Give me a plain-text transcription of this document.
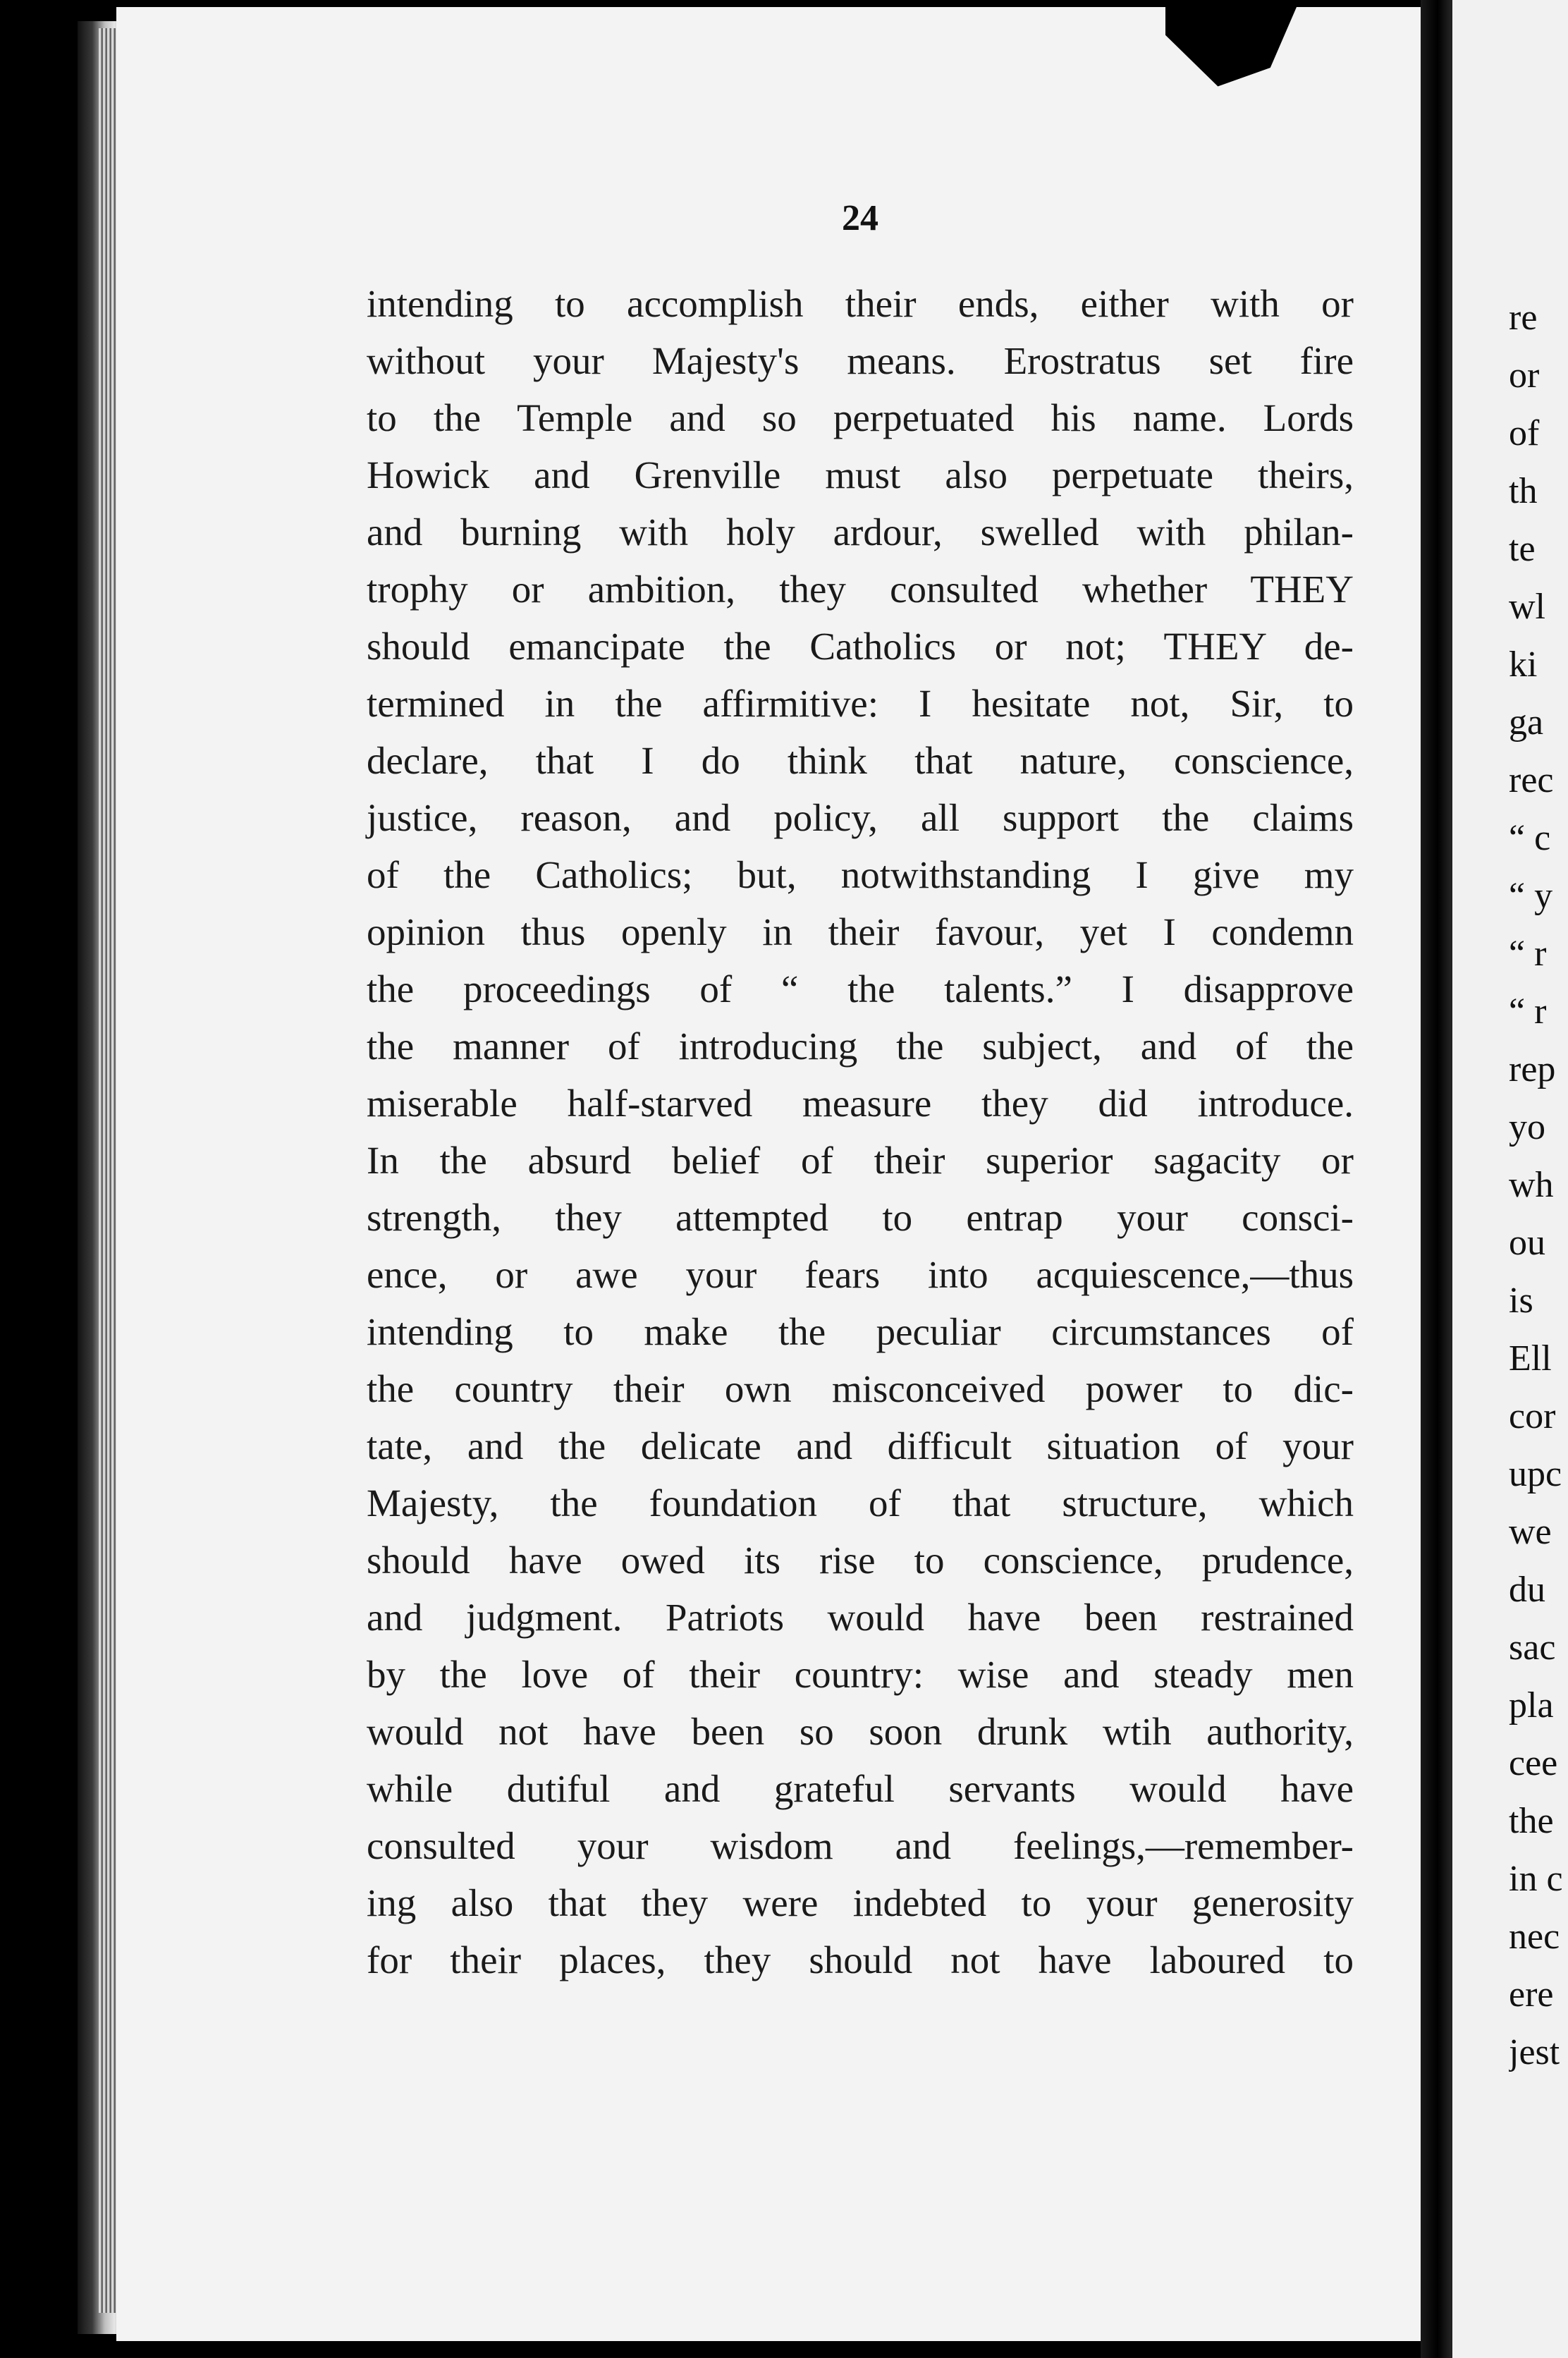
24
intending to accomplish their ends, either with or
without your Majesty's means. Erostratus set fire
to the Temple and so perpetuated his name. Lords
Howick and Grenville must also perpetuate theirs,
and burning with holy ardour, swelled with philan-
trophy or ambition, they consulted whether THEY
should emancipate the Catholics or not; THEY de-
termined in the affirmitive: I hesitate not, Sir, to
declare, that I do think that nature, conscience,
justice, reason, and policy, all support the claims
of the Catholics; but, notwithstanding I give my
opinion thus openly in their favour, yet I condemn
the proceedings of “ the talents.” I disapprove
the manner of introducing the subject, and of the
miserable half-starved measure they did introduce.
In the absurd belief of their superior sagacity or
strength, they attempted to entrap your consci-
ence, or awe your fears into acquiescence,—thus
intending to make the peculiar circumstances of
the country their own misconceived power to dic-
tate, and the delicate and difficult situation of your
Majesty, the foundation of that structure, which
should have owed its rise to conscience, prudence,
and judgment. Patriots would have been restrained
by the love of their country: wise and steady men
would not have been so soon drunk wtih authority,
while dutiful and grateful servants would have
consulted your wisdom and feelings,—remember-
ing also that they were indebted to your generosity
for their places, they should not have laboured to
re
or
of
th
te
wl
ki
ga
rec
“ c
“ y
“ r
“ r
rep
yo
wh
ou
is
Ell
cor
upc
we
du
sac
pla
cee
the
in c
nec
ere
jest
